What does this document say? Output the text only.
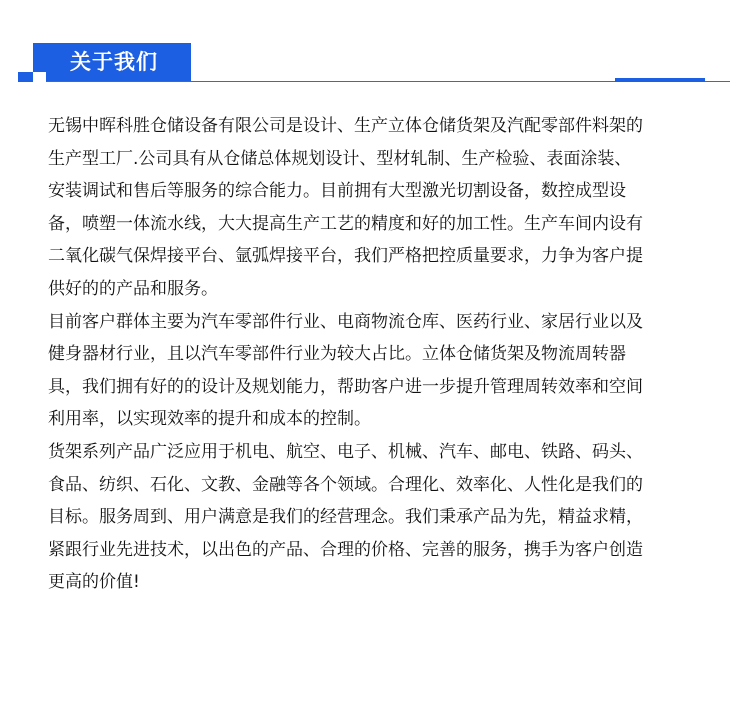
关于我们
无锡中晖科胜仓储设备有限公司是设计、生产立体仓储货架及汽配零部件料架的
生产型工厂.公司具有从仓储总体规划设计、型材轧制、生产检验、表面涂装、
安装调试和售后等服务的综合能力。目前拥有大型激光切割设备，数控成型设
备，喷塑一体流水线，大大提高生产工艺的精度和好的加工性。生产车间内设有
二氧化碳气保焊接平台、氩弧焊接平台，我们严格把控质量要求，力争为客户提
供好的的产品和服务。
目前客户群体主要为汽车零部件行业、电商物流仓库、医药行业、家居行业以及
健身器材行业，且以汽车零部件行业为较大占比。立体仓储货架及物流周转器
具，我们拥有好的的设计及规划能力，帮助客户进一步提升管理周转效率和空间
利用率，以实现效率的提升和成本的控制。
货架系列产品广泛应用于机电、航空、电子、机械、汽车、邮电、铁路、码头、
食品、纺织、石化、文教、金融等各个领域。合理化、效率化、人性化是我们的
目标。服务周到、用户满意是我们的经营理念。我们秉承产品为先，精益求精，
紧跟行业先进技术，以出色的产品、合理的价格、完善的服务，携手为客户创造
更高的价值!
